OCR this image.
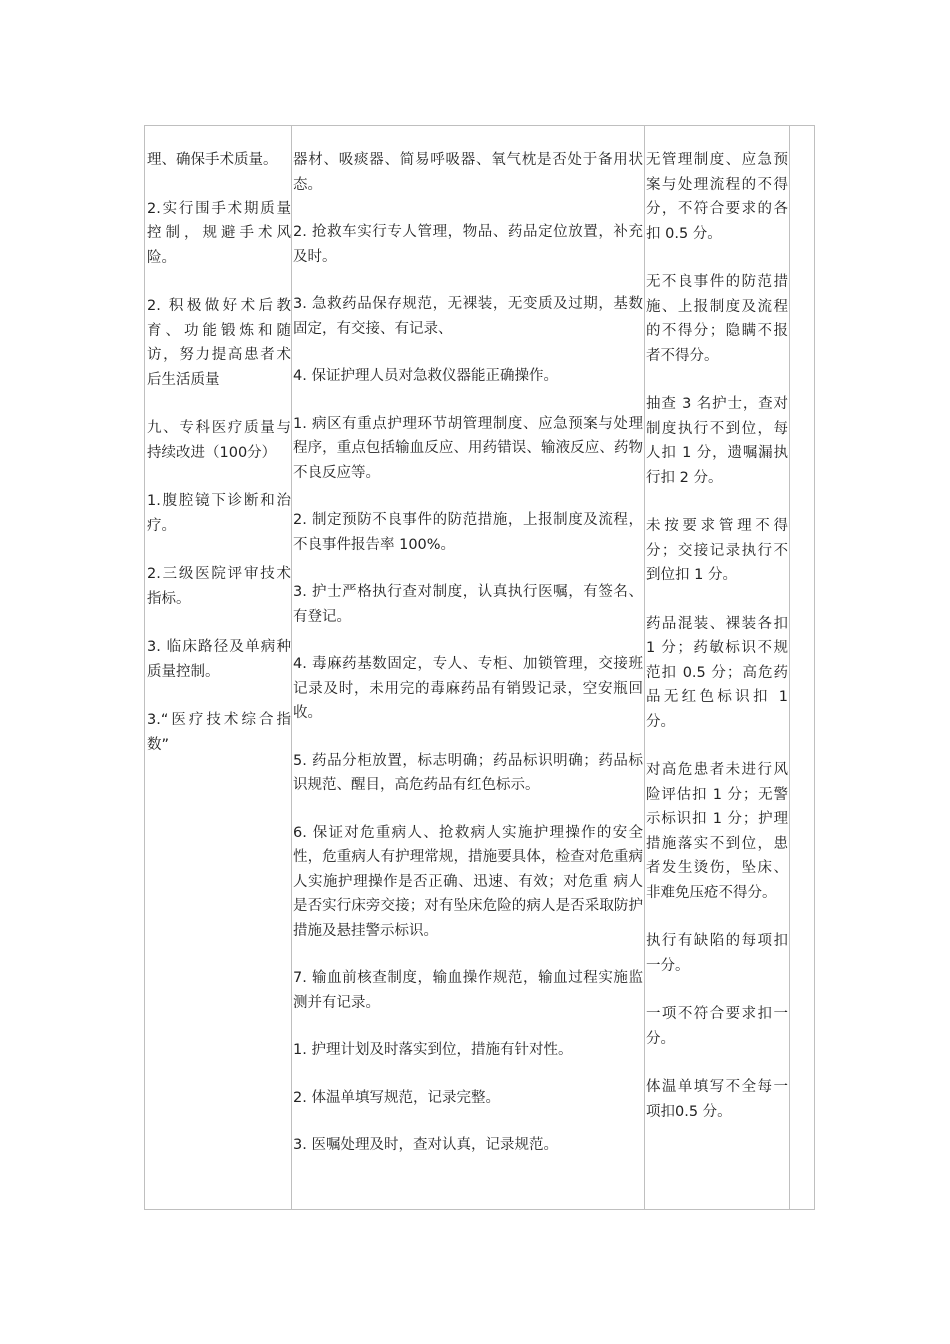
理、确保手术质量。

2.实行围手术期质量控制，规避手术风险。

2. 积极做好术后教育、功能锻炼和随访，努力提高患者术后生活质量

九、专科医疗质量与持续改进（100分）

1.腹腔镜下诊断和治疗。

2.三级医院评审技术指标。

3. 临床路径及单病种质量控制。

3.“医疗技术综合指数”

器材、吸痰器、简易呼吸器、氧气枕是否处于备用状态。

2. 抢救车实行专人管理，物品、药品定位放置，补充及时。

3. 急救药品保存规范，无裸装，无变质及过期，基数固定，有交接、有记录、

4. 保证护理人员对急救仪器能正确操作。

1. 病区有重点护理环节胡管理制度、应急预案与处理程序，重点包括输血反应、用药错误、输液反应、药物不良反应等。

2. 制定预防不良事件的防范措施，上报制度及流程，不良事件报告率 100%。

3. 护士严格执行查对制度，认真执行医嘱，有签名、有登记。

4. 毒麻药基数固定，专人、专柜、加锁管理，交接班记录及时，未用完的毒麻药品有销毁记录，空安瓶回收。

5. 药品分柜放置，标志明确；药品标识明确；药品标识规范、醒目，高危药品有红色标示。

6. 保证对危重病人、抢救病人实施护理操作的安全性，危重病人有护理常规，措施要具体，检查对危重病人实施护理操作是否正确、迅速、有效；对危重 病人是否实行床旁交接；对有坠床危险的病人是否采取防护措施及悬挂警示标识。

7. 输血前核查制度，输血操作规范，输血过程实施监测并有记录。

1. 护理计划及时落实到位，措施有针对性。

2. 体温单填写规范，记录完整。

3. 医嘱处理及时，查对认真，记录规范。

无管理制度、应急预案与处理流程的不得分，不符合要求的各扣 0.5 分。

无不良事件的防范措施、上报制度及流程的不得分；隐瞒不报者不得分。

抽查 3 名护士，查对制度执行不到位，每人扣 1 分，遗嘱漏执行扣 2 分。

未按要求管理不得分；交接记录执行不到位扣 1 分。

药品混装、裸装各扣 1 分；药敏标识不规范扣 0.5 分；高危药品无红色标识扣 1 分。

对高危患者未进行风险评估扣 1 分；无警示标识扣 1 分；护理措施落实不到位，患者发生烫伤，坠床、非难免压疮不得分。

执行有缺陷的每项扣一分。

一项不符合要求扣一分。

体温单填写不全每一项扣0.5 分。
